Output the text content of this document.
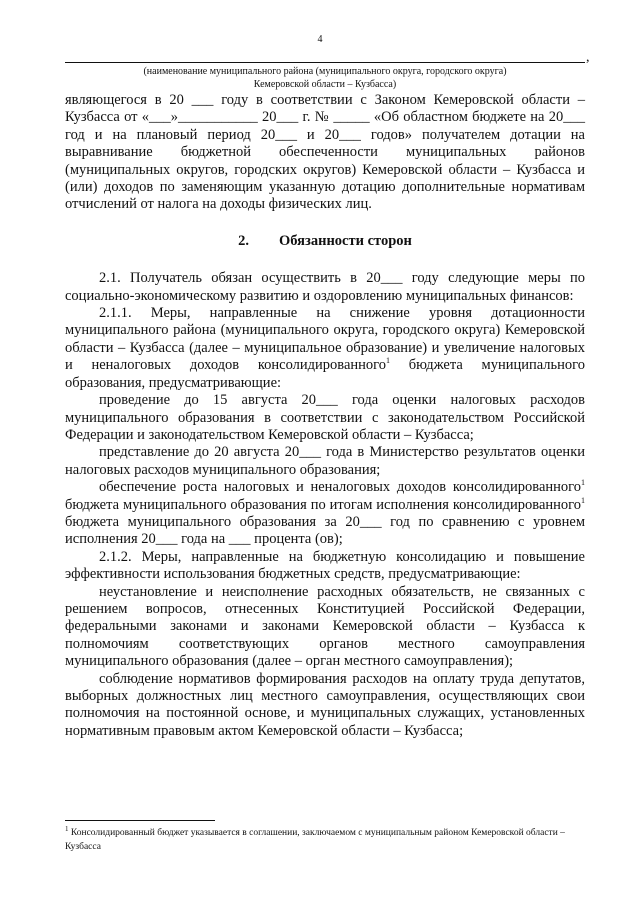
4
,
(наименование муниципального района (муниципального округа, городского округа)
Кемеровской области – Кузбасса)
являющегося в 20 ___ году в соответствии с Законом Кемеровской области – Кузбасса от «___»___________ 20___ г. № _____ «Об областном бюджете на 20___ год и на плановый период 20___ и 20___ годов» получателем дотации на выравнивание бюджетной обеспеченности муниципальных районов (муниципальных округов, городских округов) Кемеровской области – Кузбасса и (или) доходов по заменяющим указанную дотацию дополнительные нормативам отчислений от налога на доходы физических лиц.
2. Обязанности сторон
2.1. Получатель обязан осуществить в 20___ году следующие меры по социально-экономическому развитию и оздоровлению муниципальных финансов:
2.1.1. Меры, направленные на снижение уровня дотационности муниципального района (муниципального округа, городского округа) Кемеровской области – Кузбасса (далее – муниципальное образование) и увеличение налоговых и неналоговых доходов консолидированного$^1$ бюджета муниципального образования, предусматривающие:
проведение до 15 августа 20___ года оценки налоговых расходов муниципального образования в соответствии с законодательством Российской Федерации и законодательством Кемеровской области – Кузбасса;
представление до 20 августа 20___ года в Министерство результатов оценки налоговых расходов муниципального образования;
обеспечение роста налоговых и неналоговых доходов консолидированного$^1$ бюджета муниципального образования по итогам исполнения консолидированного$^1$ бюджета муниципального образования за 20___ год по сравнению с уровнем исполнения 20___ года на ___ процента (ов);
2.1.2. Меры, направленные на бюджетную консолидацию и повышение эффективности использования бюджетных средств, предусматривающие:
неустановление и неисполнение расходных обязательств, не связанных с решением вопросов, отнесенных Конституцией Российской Федерации, федеральными законами и законами Кемеровской области – Кузбасса к полномочиям соответствующих органов местного самоуправления муниципального образования (далее – орган местного самоуправления);
соблюдение нормативов формирования расходов на оплату труда депутатов, выборных должностных лиц местного самоуправления, осуществляющих свои полномочия на постоянной основе, и муниципальных служащих, установленных нормативным правовым актом Кемеровской области – Кузбасса;
$^1$ Консолидированный бюджет указывается в соглашении, заключаемом с муниципальным районом Кемеровской области – Кузбасса
